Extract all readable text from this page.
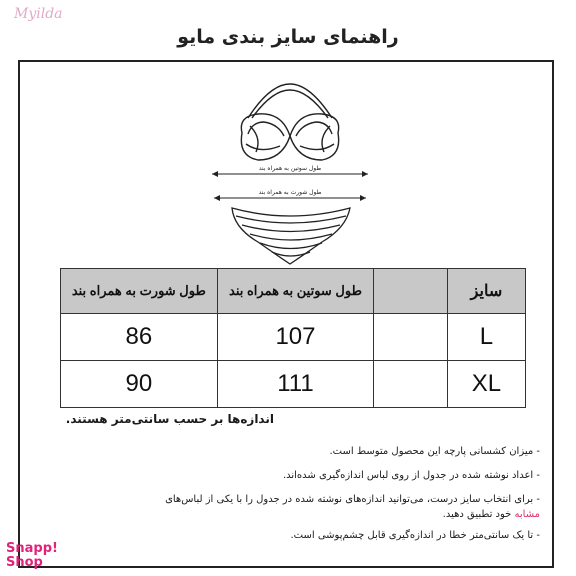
Myilda
راهنمای سایز بندی مایو
طول سوتین به همراه بند
طول شورت به همراه بند
سایز		طول سوتین به همراه بند	طول شورت به همراه بند
L		107	86
XL		111	90
اندازه‌ها بر حسب سانتی‌متر هستند.
- میزان کشسانی پارچه این محصول متوسط است.
- اعداد نوشته شده در جدول از روی لباس اندازه‌گیری شده‌اند.
- برای انتخاب سایز درست، می‌توانید اندازه‌های نوشته شده در جدول را با یکی از لباس‌های
مشابه خود تطبیق دهید.
- تا یک سانتی‌متر خطا در اندازه‌گیری قابل چشم‌پوشی است.
Snapp!
Shop
